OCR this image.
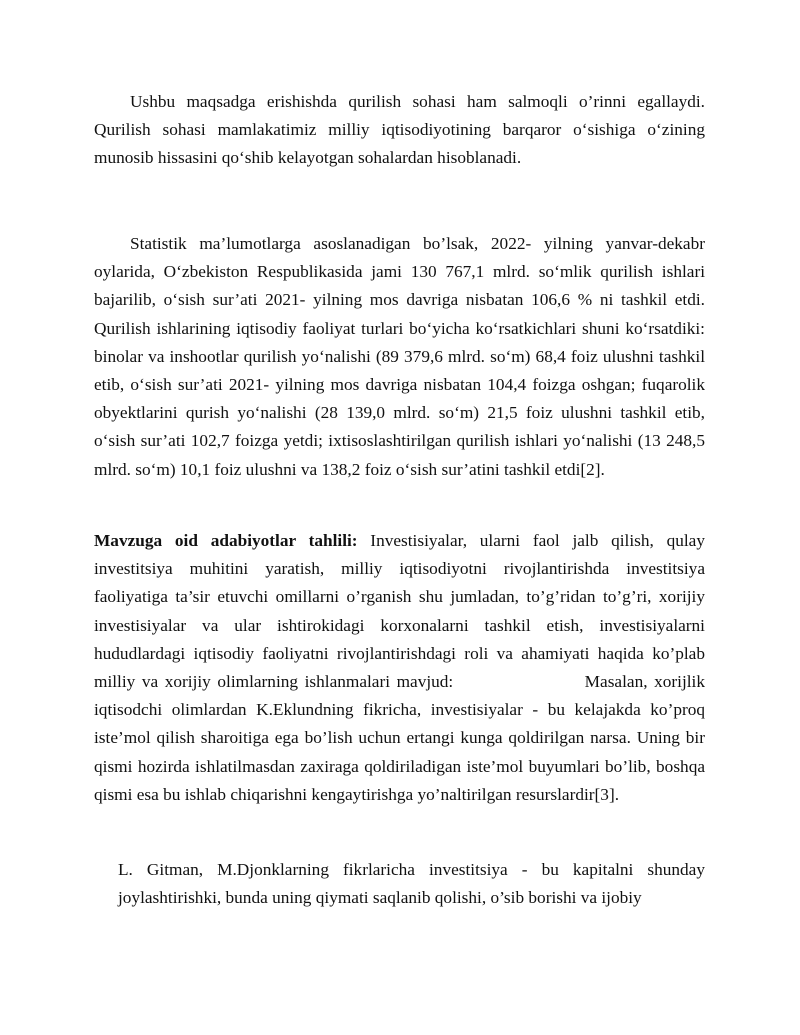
Ushbu maqsadga erishishda qurilish sohasi ham salmoqli o’rinni egallaydi. Qurilish sohasi mamlakatimiz milliy iqtisodiyotining barqaror o‘sishiga o‘zining munosib hissasini qo‘shib kelayotgan sohalardan hisoblanadi.

Statistik ma’lumotlarga asoslanadigan bo’lsak, 2022- yilning yanvar-dekabr oylarida, O‘zbekiston Respublikasida jami 130 767,1 mlrd. so‘mlik qurilish ishlari bajarilib, o‘sish sur’ati 2021- yilning mos davriga nisbatan 106,6 % ni tashkil etdi. Qurilish ishlarining iqtisodiy faoliyat turlari bo‘yicha ko‘rsatkichlari shuni ko‘rsatdiki: binolar va inshootlar qurilish yo‘nalishi (89 379,6 mlrd. so‘m) 68,4 foiz ulushni tashkil etib, o‘sish sur’ati 2021- yilning mos davriga nisbatan 104,4 foizga oshgan; fuqarolik obyektlarini qurish yo‘nalishi (28 139,0 mlrd. so‘m) 21,5 foiz ulushni tashkil etib, o‘sish sur’ati 102,7 foizga yetdi; ixtisoslashtirilgan qurilish ishlari yo‘nalishi (13 248,5 mlrd. so‘m) 10,1 foiz ulushni va 138,2 foiz o‘sish sur’atini tashkil etdi[2].

Mavzuga oid adabiyotlar tahlili: Investisiyalar, ularni faol jalb qilish, qulay investitsiya muhitini yaratish, milliy iqtisodiyotni rivojlantirishda investitsiya faoliyatiga ta’sir etuvchi omillarni o’rganish shu jumladan, to’g’ridan to’g’ri, xorijiy investisiyalar va ular ishtirokidagi korxonalarni tashkil etish, investisiyalarni hududlardagi iqtisodiy faoliyatni rivojlantirishdagi roli va ahamiyati haqida ko’plab milliy va xorijiy olimlarning ishlanmalari mavjud:                    Masalan, xorijlik iqtisodchi olimlardan K.Eklundning fikricha, investisiyalar - bu kelajakda ko’proq iste’mol qilish sharoitiga ega bo’lish uchun ertangi kunga qoldirilgan narsa. Uning bir qismi hozirda ishlatilmasdan zaxiraga qoldiriladigan iste’mol buyumlari bo’lib, boshqa qismi esa bu ishlab chiqarishni kengaytirishga yo’naltirilgan resurslardir[3].

L. Gitman, M.Djonklarning fikrlaricha investitsiya - bu kapitalni shunday joylashtirishki, bunda uning qiymati saqlanib qolishi, o’sib borishi va ijobiy
